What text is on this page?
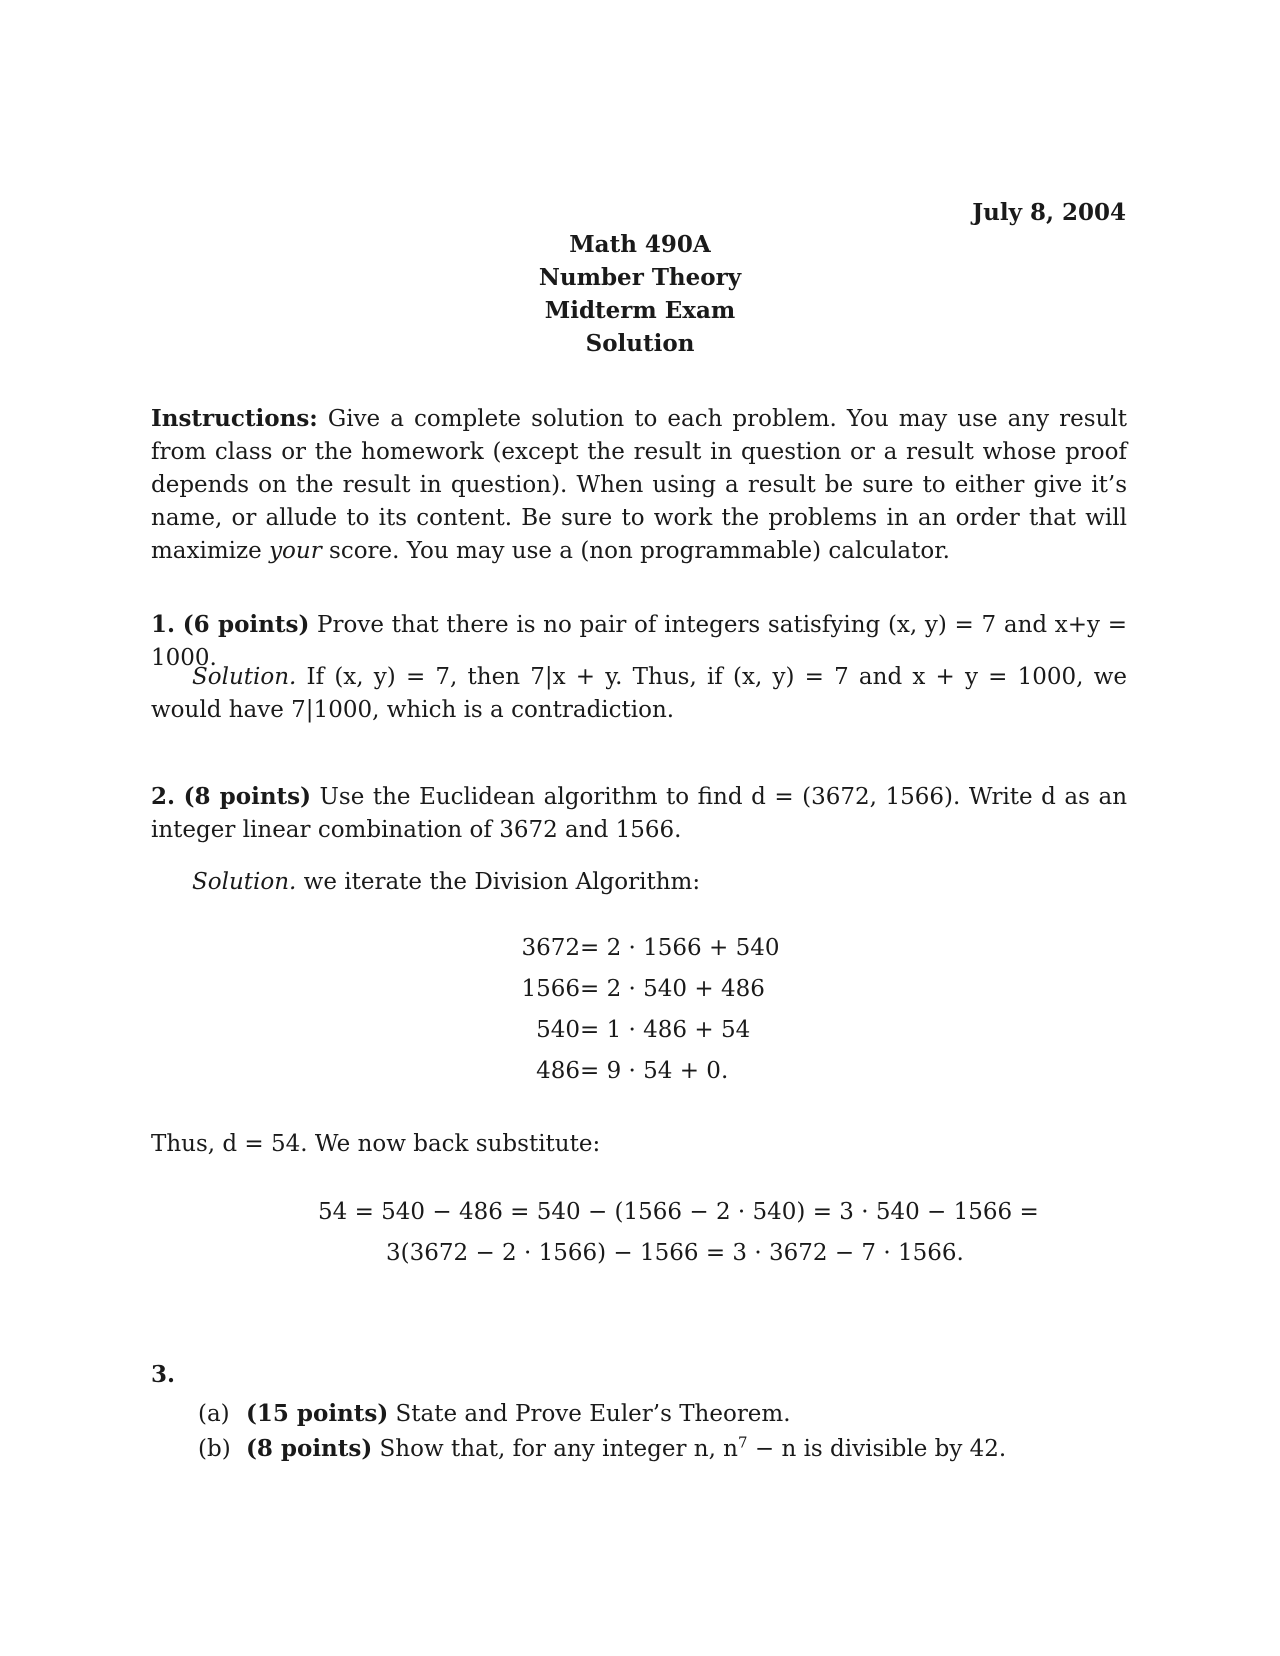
July 8, 2004
Math 490A
Number Theory
Midterm Exam
Solution
Instructions: Give a complete solution to each problem. You may use any result from class or the homework (except the result in question or a result whose proof depends on the result in question). When using a result be sure to either give it’s name, or allude to its content. Be sure to work the problems in an order that will maximize your score. You may use a (non programmable) calculator.
1. (6 points) Prove that there is no pair of integers satisfying (x, y) = 7 and x+y = 1000.
Solution. If (x, y) = 7, then 7|x + y. Thus, if (x, y) = 7 and x + y = 1000, we would have 7|1000, which is a contradiction.
2. (8 points) Use the Euclidean algorithm to find d = (3672, 1566). Write d as an integer linear combination of 3672 and 1566.
Solution. we iterate the Division Algorithm:
3672 = 2 · 1566 + 540
1566 = 2 · 540 + 486
540 = 1 · 486 + 54
486 = 9 · 54 + 0.
Thus, d = 54. We now back substitute:
54 = 540 − 486 = 540 − (1566 − 2 · 540) = 3 · 540 − 1566 =
3(3672 − 2 · 1566) − 1566 = 3 · 3672 − 7 · 1566.
3.
(a) (15 points) State and Prove Euler’s Theorem.
(b) (8 points) Show that, for any integer n, $n^7 - n$ is divisible by 42.
